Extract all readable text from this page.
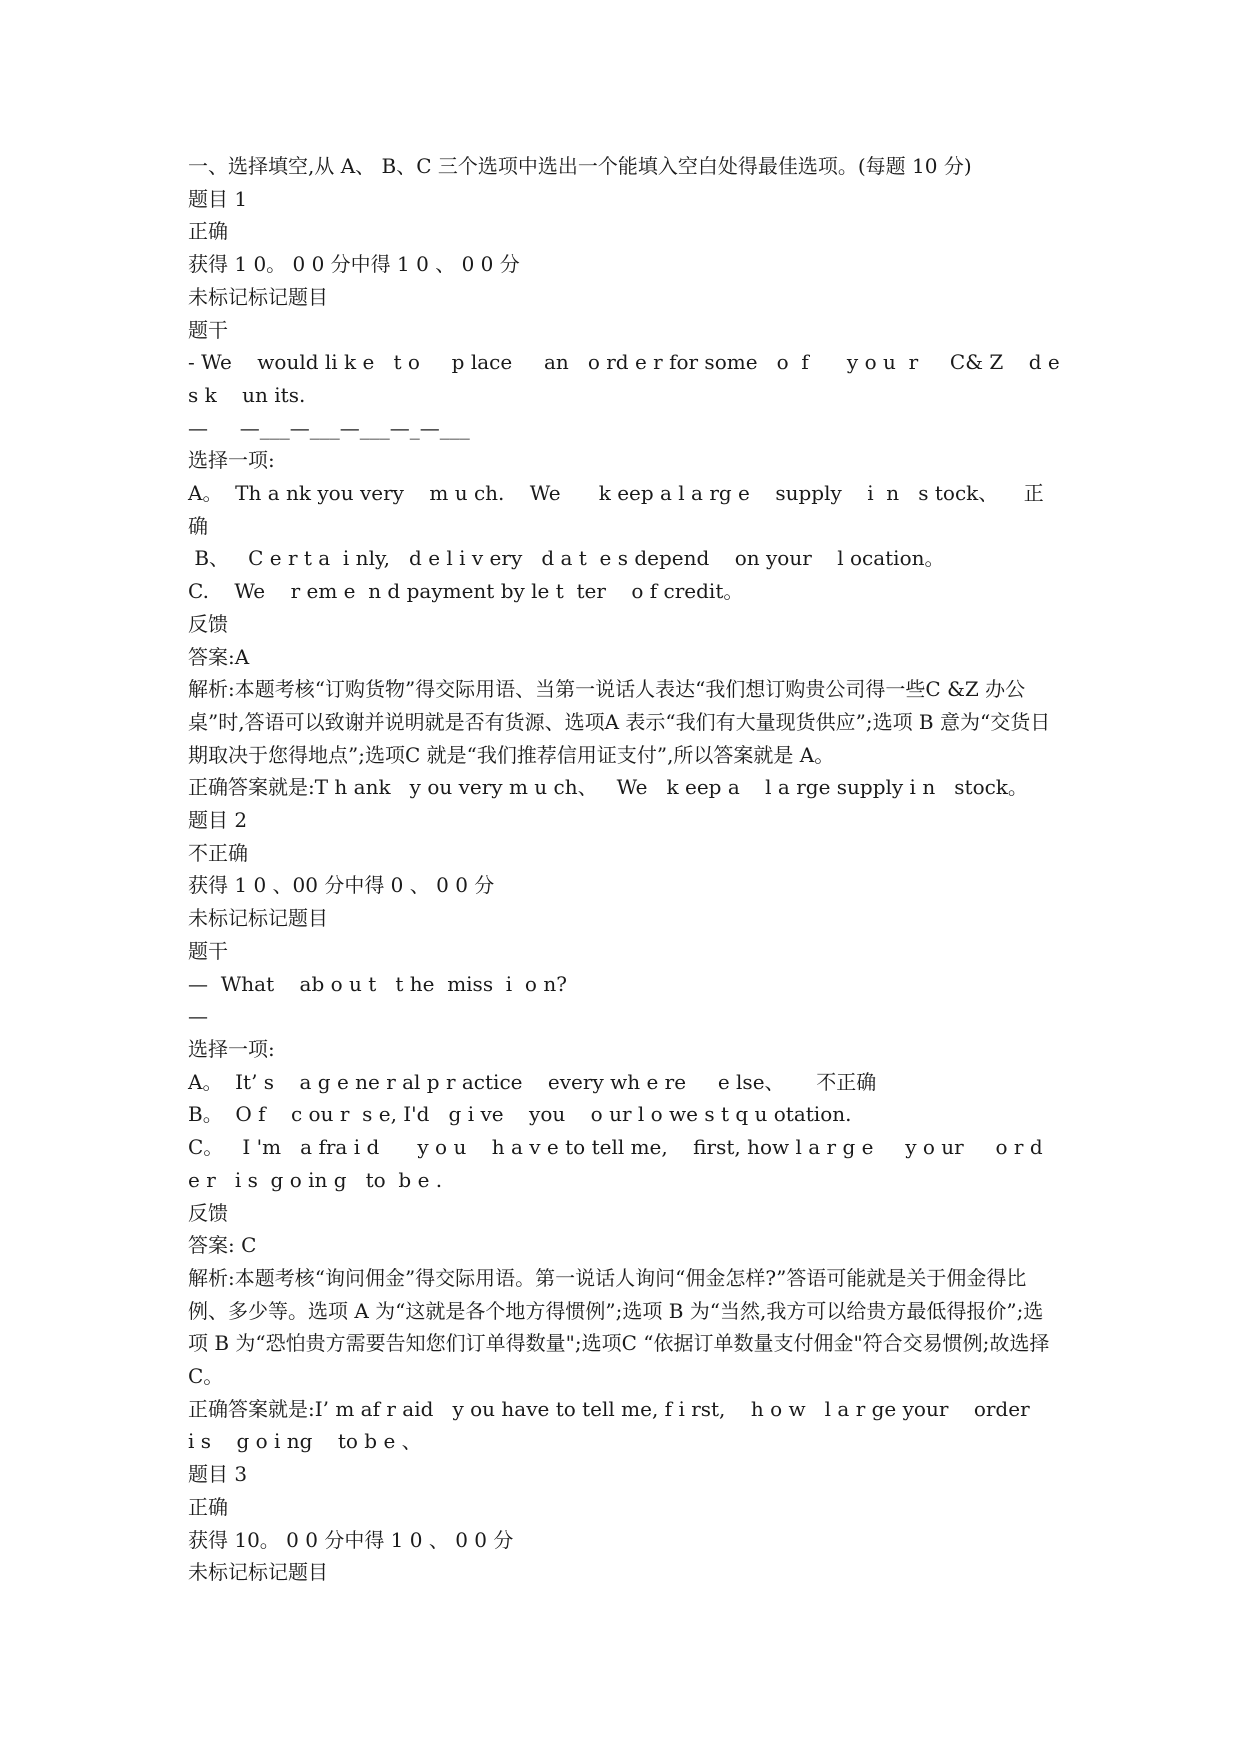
一、选择填空,从 A、 B、C 三个选项中选出一个能填入空白处得最佳选项。(每题 10 分)
题目 1
正确
获得 1 0。 0 0 分中得 1 0 、 0 0 分
未标记标记题目
题干
- We    would li k e   t o     p lace     an   o rd e r for some   o  f      y o u  r     C& Z    d e s k    un its.
—     —___—___—___—_—___
选择一项:
A。  Th a nk you very    m u ch.    We      k eep a l a rg e    supply    i  n   s tock、    正确
B、   C e r t a  i nly,   d e l i v ery   d a t  e s depend    on your    l ocation。
C.    We    r em e  n d payment by le t  ter    o f credit。
反馈
答案:A
解析:本题考核“订购货物”得交际用语、当第一说话人表达“我们想订购贵公司得一些C &Z 办公桌”时,答语可以致谢并说明就是否有货源、选项A 表示“我们有大量现货供应”;选项 B 意为“交货日期取决于您得地点”;选项C 就是“我们推荐信用证支付”,所以答案就是 A。
正确答案就是:T h ank   y ou very m u ch、   We   k eep a    l a rge supply i n   stock。
题目 2
不正确
获得 1 0 、00 分中得 0 、 0 0 分
未标记标记题目
题干
—  What    ab o u t   t he  miss  i  o n?
—
选择一项:
A。  It’ s    a g e ne r al p r actice    every wh e re     e lse、     不正确
B。  O f    c ou r  s e, I'd   g i ve    you    o ur l o we s t q u otation.
C。   I 'm   a fra i d      y o u    h a v e to tell me,    first, how l a r g e     y o ur     o r d e r   i s  g o in g   to  b e .
反馈
答案: C
解析:本题考核“询问佣金”得交际用语。第一说话人询问“佣金怎样?”答语可能就是关于佣金得比例、多少等。选项 A 为“这就是各个地方得惯例”;选项 B 为“当然,我方可以给贵方最低得报价”;选项 B 为“恐怕贵方需要告知您们订单得数量";选项C “依据订单数量支付佣金"符合交易惯例;故选择 C。
正确答案就是:I’ m af r aid   y ou have to tell me, f i rst,    h o w   l a r ge your    order    i s    g o i ng    to b e 、
题目 3
正确
获得 10。 0 0 分中得 1 0 、 0 0 分
未标记标记题目
